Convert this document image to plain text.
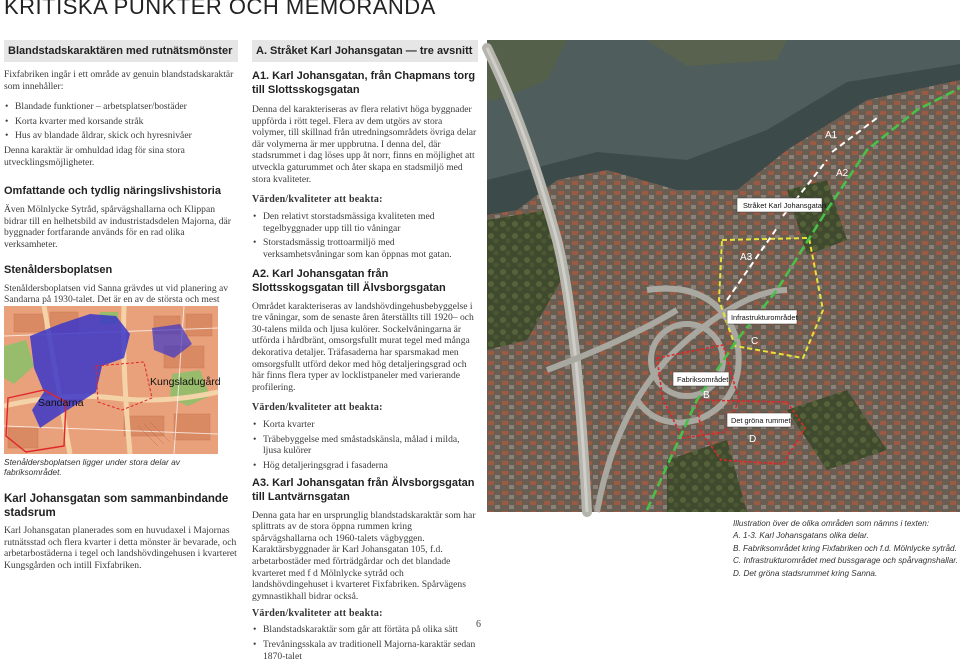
KRITISKA PUNKTER OCH MEMORANDA
Blandstadskaraktären med rutnätsmönster
Fixfabriken ingår i ett område av genuin blandstadskaraktär som innehåller:
• Blandade funktioner – arbetsplatser/bostäder
• Korta kvarter med korsande stråk
• Hus av blandade åldrar, skick och hyresnivåer
Denna karaktär är omhuldad idag för sina stora utvecklingsmöjligheter.
Omfattande och tydlig näringslivshistoria
Även Mölnlycke Sytråd, spårvägshallarna och Klippan bidrar till en helhetsbild av industristadsdelen Majorna, där byggnader fortfarande används för en rad olika verksamheter.
Stenåldersboplatsen
Stenåldersboplatsen vid Sanna grävdes ut vid planering av Sandarna på 1930-talet. Det är en av de största och mest
Sandarna
Kungsladugård
Stenåldersboplatsen ligger under stora delar av fabriksområdet.
Karl Johansgatan som sammanbindande stadsrum
Karl Johansgatan planerades som en huvudaxel i Majornas rutnätsstad och flera kvarter i detta mönster är bevarade, och arbetarbostäderna i tegel och landshövdingehusen i kvarteret Kungsgården och intill Fixfabriken.
A. Stråket Karl Johansgatan — tre avsnitt
A1. Karl Johansgatan, från Chapmans torg till Slottsskogsgatan
Denna del karakteriseras av flera relativt höga byggnader uppförda i rött tegel. Flera av dem utgörs av stora volymer, till skillnad från utredningsområdets övriga delar där volymerna är mer uppbrutna. I denna del, där stadsrummet i dag löses upp åt norr, finns en möjlighet att utveckla gaturummet och åter skapa en stadsmiljö med stora kvaliteter.
Värden/kvaliteter att beakta:
• Den relativt storstadsmässiga kvaliteten med tegelbyggnader upp till tio våningar
• Storstadsmässig trottoarmiljö med verksamhetsvåningar som kan öppnas mot gatan.
A2. Karl Johansgatan från Slottsskogsgatan till Älvsborgsgatan
Området karakteriseras av landshövdingehusbebyggelse i tre våningar, som de senaste åren återställts till 1920– och 30-talens milda och ljusa kulörer. Sockelvåningarna är utförda i hårdbränt, omsorgsfullt murat tegel med många dekorativa detaljer. Träfasaderna har sparsmakad men omsorgsfullt utförd dekor med hög detaljeringsgrad och här finns flera typer av locklistpaneler med varierande profilering.
Värden/kvaliteter att beakta:
• Korta kvarter
• Träbebyggelse med småstadskänsla, målad i milda, ljusa kulörer
• Hög detaljeringsgrad i fasaderna
A3. Karl Johansgatan från Älvsborgsgatan till Lantvärnsgatan
Denna gata har en ursprunglig blandstadskaraktär som har splittrats av de stora öppna rummen kring spårvägshallarna och 1960-talets vägbyggen. Karaktärsbyggnader är Karl Johansgatan 105, f.d. arbetarbostäder med förträdgårdar och det blandade kvarteret med f d Mölnlycke sytråd och landshövdingehuset i kvarteret Fixfabriken. Spårvägens gymnastikhall bidrar också.
Värden/kvaliteter att beakta:
• Blandstadskaraktär som går att förtäta på olika sätt
• Trevåningsskala av traditionell Majorna-karaktär sedan 1870-talet
A1
A2
A3
Stråket Karl Johansgatan
Infrastrukturområdet
C
Fabriksområdet
B
Det gröna rummet
D
Illustration över de olika områden som nämns i texten:
A. 1-3. Karl Johansgatans olika delar.
B. Fabriksområdet kring Fixfabriken och f.d. Mölnlycke sytråd.
C. Infrastrukturområdet med bussgarage och spårvagnshallar.
D. Det gröna stadsrummet kring Sanna.
6
